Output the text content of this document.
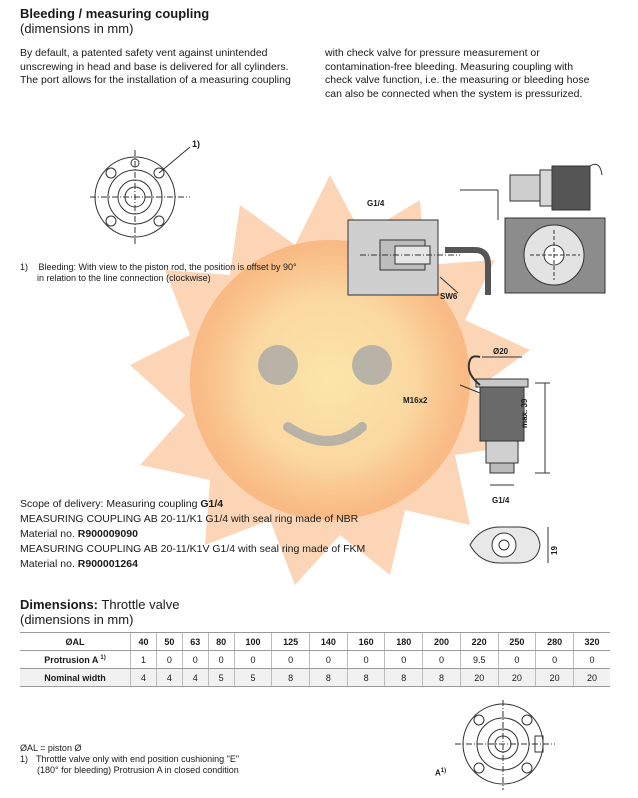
Bleeding / measuring coupling
(dimensions in mm)
By default, a patented safety vent against unintended
unscrewing in head and base is delivered for all cylinders.
The port allows for the installation of a measuring coupling
with check valve for pressure measurement or
contamination-free bleeding. Measuring coupling with
check valve function, i.e. the measuring or bleeding hose
can also be connected when the system is pressurized.
1)
1) Bleeding: With view to the piston rod, the position is offset by 90°
in relation to the line connection (clockwise)
G1/4
SW6
Ø20
M16x2	max. 39
G1/4
19
Scope of delivery: Measuring coupling G1/4
MEASURING COUPLING AB 20-11/K1 G1/4 with seal ring made of NBR
Material no. R900009090
MEASURING COUPLING AB 20-11/K1V G1/4 with seal ring made of FKM
Material no. R900001264
Dimensions: Throttle valve
(dimensions in mm)
ØAL	40	50	63	80	100	125	140	160	180	200	220	250	280	320
Protrusion A $^{1)}$	1	0	0	0	0	0	0	0	0	0	9.5	0	0	0
Nominal width	4	4	4	5	5	8	8	8	8	8	20	20	20	20
ØAL = piston Ø
1) Throttle valve only with end position cushioning "E"
(180° for bleeding) Protrusion A in closed condition	$A^{1)}$
